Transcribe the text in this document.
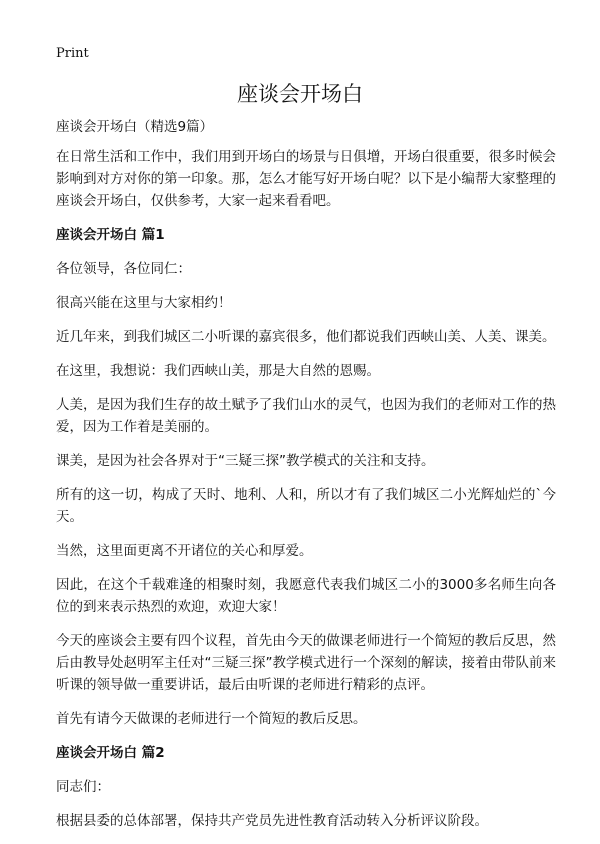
Print
座谈会开场白

座谈会开场白（精选9篇）

在日常生活和工作中，我们用到开场白的场景与日俱增，开场白很重要，很多时候会影响到对方对你的第一印象。那，怎么才能写好开场白呢？以下是小编帮大家整理的座谈会开场白，仅供参考，大家一起来看看吧。

座谈会开场白 篇1

各位领导，各位同仁：

很高兴能在这里与大家相约！

近几年来，到我们城区二小听课的嘉宾很多，他们都说我们西峡山美、人美、课美。

在这里，我想说：我们西峡山美，那是大自然的恩赐。

人美，是因为我们生存的故土赋予了我们山水的灵气，也因为我们的老师对工作的热爱，因为工作着是美丽的。

课美，是因为社会各界对于“三疑三探”教学模式的关注和支持。

所有的这一切，构成了天时、地利、人和，所以才有了我们城区二小光辉灿烂的`今天。

当然，这里面更离不开诸位的关心和厚爱。

因此，在这个千载难逢的相聚时刻，我愿意代表我们城区二小的3000多名师生向各位的到来表示热烈的欢迎，欢迎大家！

今天的座谈会主要有四个议程，首先由今天的做课老师进行一个简短的教后反思，然后由教导处赵明军主任对“三疑三探”教学模式进行一个深刻的解读，接着由带队前来听课的领导做一重要讲话，最后由听课的老师进行精彩的点评。

首先有请今天做课的老师进行一个简短的教后反思。

座谈会开场白 篇2

同志们：

根据县委的总体部署，保持共产党员先进性教育活动转入分析评议阶段。
